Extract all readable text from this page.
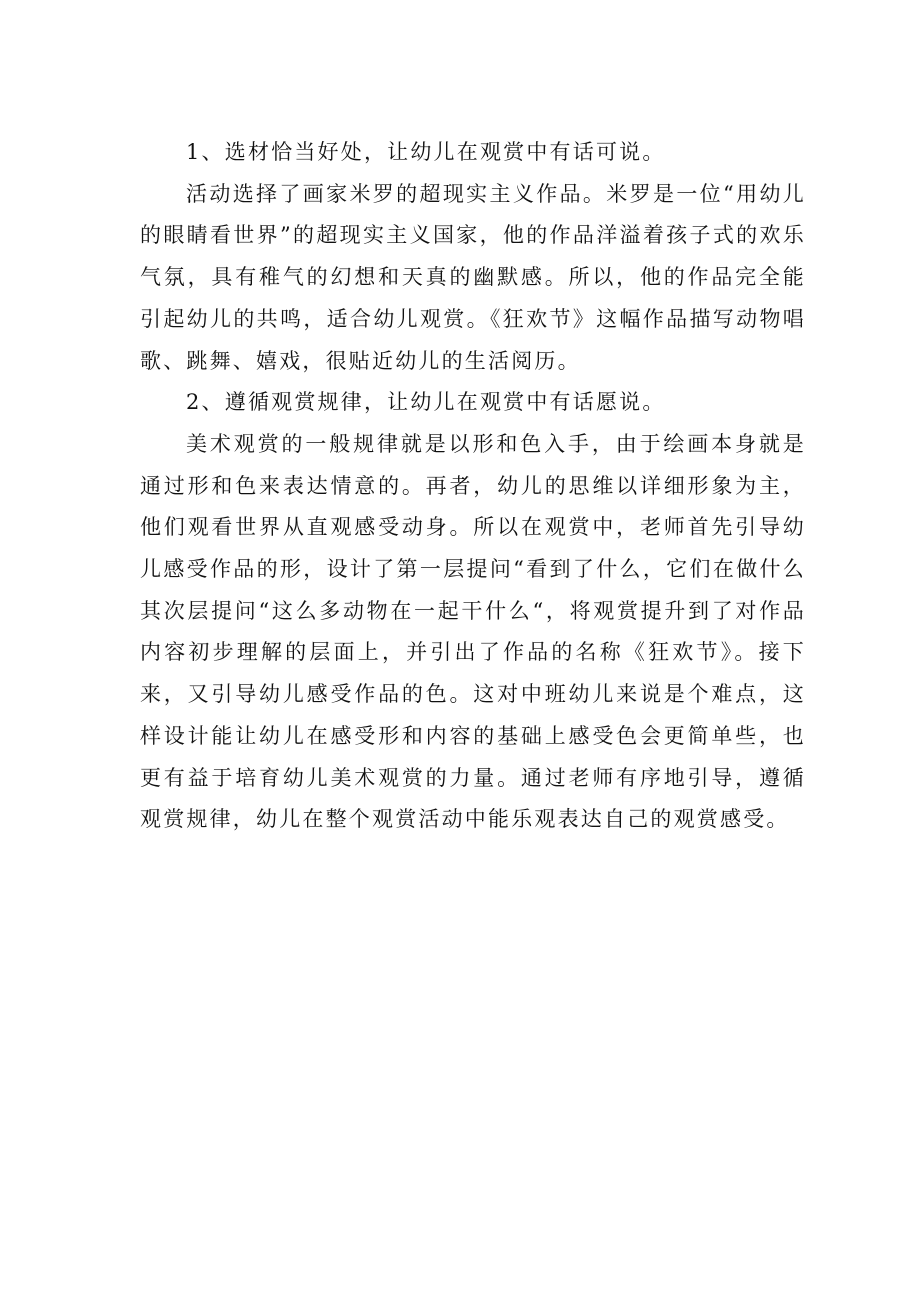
1、选材恰当好处，让幼儿在观赏中有话可说。

活动选择了画家米罗的超现实主义作品。米罗是一位“用幼儿的眼睛看世界”的超现实主义国家，他的作品洋溢着孩子式的欢乐气氛，具有稚气的幻想和天真的幽默感。所以，他的作品完全能引起幼儿的共鸣，适合幼儿观赏。《狂欢节》这幅作品描写动物唱歌、跳舞、嬉戏，很贴近幼儿的生活阅历。

2、遵循观赏规律，让幼儿在观赏中有话愿说。

美术观赏的一般规律就是以形和色入手，由于绘画本身就是通过形和色来表达情意的。再者，幼儿的思维以详细形象为主，他们观看世界从直观感受动身。所以在观赏中，老师首先引导幼儿感受作品的形，设计了第一层提问“看到了什么，它们在做什么其次层提问“这么多动物在一起干什么“，将观赏提升到了对作品内容初步理解的层面上，并引出了作品的名称《狂欢节》。接下来，又引导幼儿感受作品的色。这对中班幼儿来说是个难点，这样设计能让幼儿在感受形和内容的基础上感受色会更简单些，也更有益于培育幼儿美术观赏的力量。通过老师有序地引导，遵循观赏规律，幼儿在整个观赏活动中能乐观表达自己的观赏感受。
